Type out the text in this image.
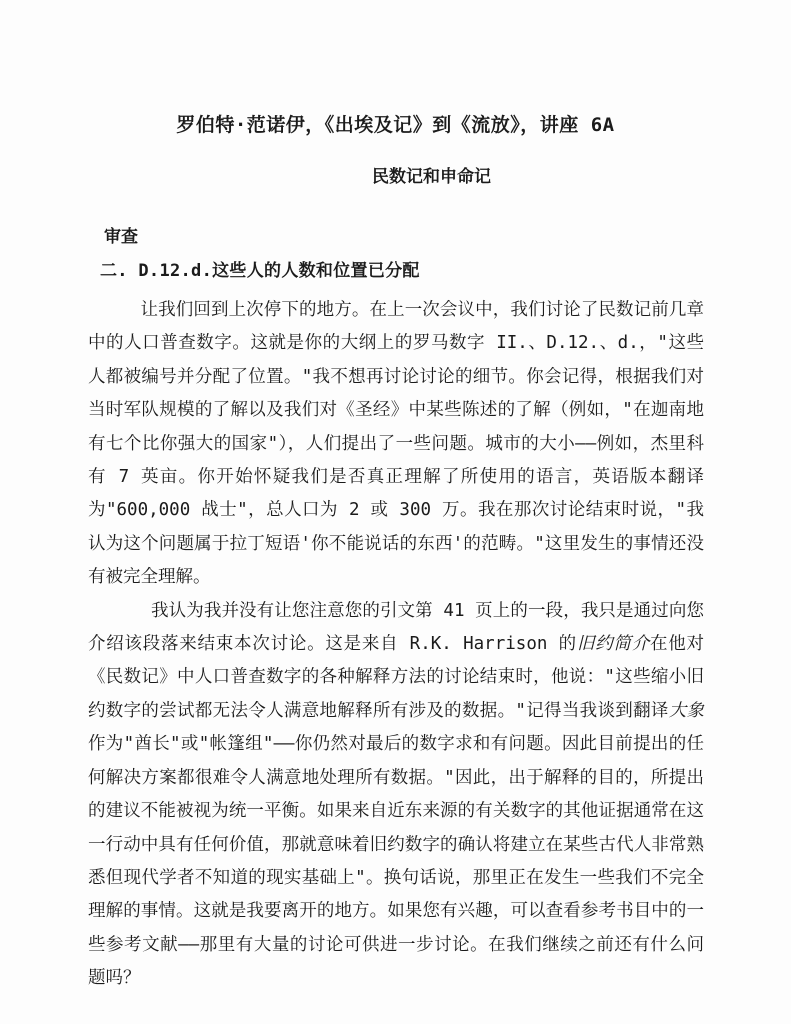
罗伯特·范诺伊，《出埃及记》到《流放》，讲座 6A
民数记和申命记
审查
二. D.12.d.这些人的人数和位置已分配

让我们回到上次停下的地方。在上一次会议中，我们讨论了民数记前几章中的人口普查数字。这就是你的大纲上的罗马数字 II.、D.12.、d.，"这些人都被编号并分配了位置。"我不想再讨论讨论的细节。你会记得，根据我们对当时军队规模的了解以及我们对《圣经》中某些陈述的了解（例如，"在迦南地有七个比你强大的国家"），人们提出了一些问题。城市的大小——例如，杰里科有 7 英亩。你开始怀疑我们是否真正理解了所使用的语言，英语版本翻译为"600,000 战士"，总人口为 2 或 300 万。我在那次讨论结束时说，"我认为这个问题属于拉丁短语'你不能说话的东西'的范畴。"这里发生的事情还没有被完全理解。

我认为我并没有让您注意您的引文第 41 页上的一段，我只是通过向您介绍该段落来结束本次讨论。这是来自 R.K. Harrison 的旧约简介在他对《民数记》中人口普查数字的各种解释方法的讨论结束时，他说："这些缩小旧约数字的尝试都无法令人满意地解释所有涉及的数据。"记得当我谈到翻译大象 作为"酋长"或"帐篷组"——你仍然对最后的数字求和有问题。因此目前提出的任何解决方案都很难令人满意地处理所有数据。"因此，出于解释的目的，所提出的建议不能被视为统一平衡。如果来自近东来源的有关数字的其他证据通常在这一行动中具有任何价值，那就意味着旧约数字的确认将建立在某些古代人非常熟悉但现代学者不知道的现实基础上"。换句话说，那里正在发生一些我们不完全理解的事情。这就是我要离开的地方。如果您有兴趣，可以查看参考书目中的一些参考文献——那里有大量的讨论可供进一步讨论。在我们继续之前还有什么问题吗？
